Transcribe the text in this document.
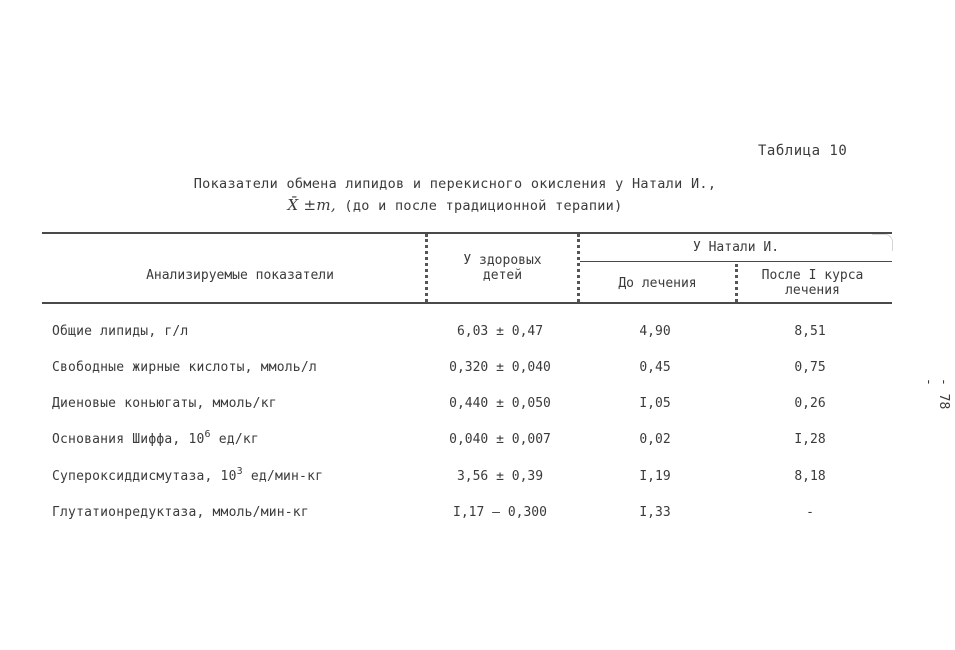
Таблица 10
Показатели обмена липидов и перекисного окисления у Натали И.,
X̄ ±m, (до и после традиционной терапии)
Анализируемые показатели
У здоровых детей
У Натали И.
До лечения
После I курса лечения
Общие липиды, г/л	6,03 ± 0,47	4,90	8,51
Свободные жирные кислоты, ммоль/л	0,320 ± 0,040	0,45	0,75
Диеновые коньюгаты, ммоль/кг	0,440 ± 0,050	I,05	0,26
Основания Шиффа, $10^6$ ед/кг	0,040 ± 0,007	0,02	I,28
Супероксиддисмутаза, $10^3$ ед/мин-кг	3,56 ± 0,39	I,19	8,18
Глутатионредуктаза, ммоль/мин-кг	I,17 – 0,300	I,33	-
- 78 -
